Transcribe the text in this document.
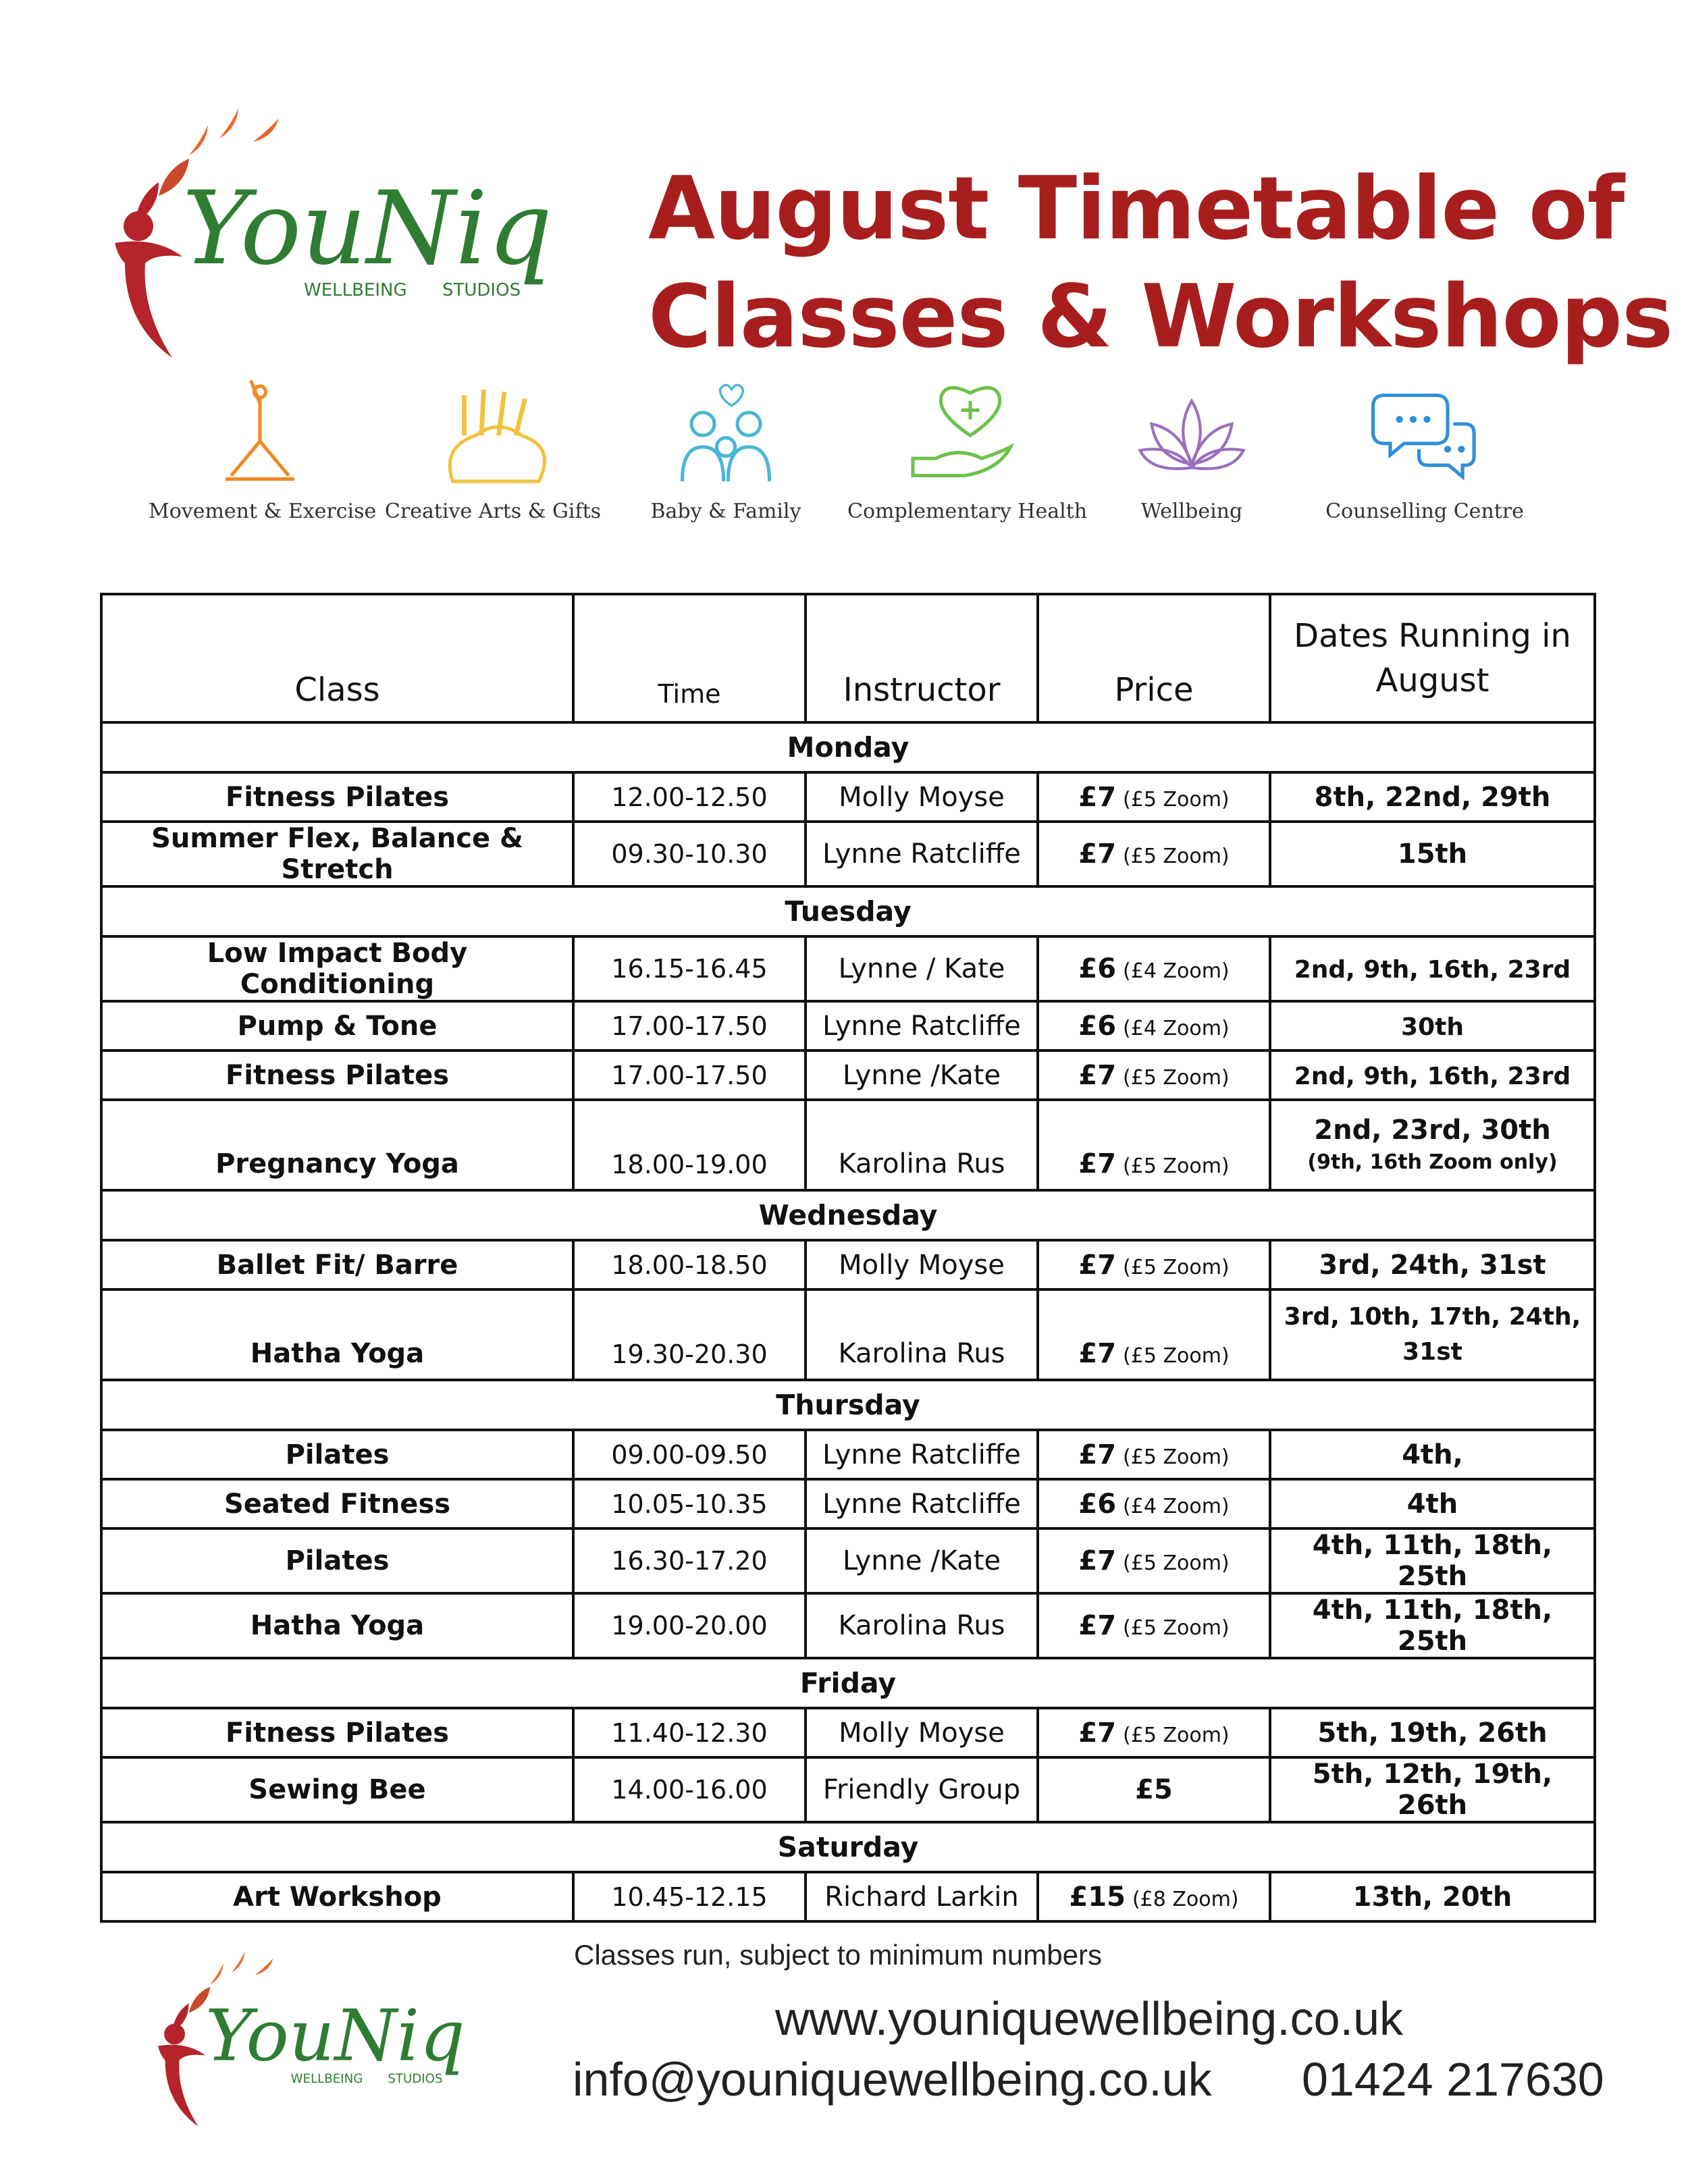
YouNiq
WELLBEING STUDIOS
August Timetable of
Classes & Workshops
Movement & Exercise Creative Arts & Gifts	Baby & Family	Complementary Health	Wellbeing	Counselling Centre
Class	Time	Instructor	Price	Dates Running in
August
Monday				
Fitness Pilates	12.00-12.50	Molly Moyse	£7 (£5 Zoom)	8th, 22nd, 29th
Summer Flex, Balance & Stretch	09.30-10.30	Lynne Ratcliffe	£7 (£5 Zoom)	15th
Tuesday				
Low Impact Body Conditioning	16.15-16.45	Lynne / Kate	£6 (£4 Zoom)	2nd, 9th, 16th, 23rd
Pump & Tone	17.00-17.50	Lynne Ratcliffe	£6 (£4 Zoom)	30th
Fitness Pilates	17.00-17.50	Lynne /Kate	£7 (£5 Zoom)	2nd, 9th, 16th, 23rd
Pregnancy Yoga	18.00-19.00	Karolina Rus	£7 (£5 Zoom)	2nd, 23rd, 30th
(9th, 16th Zoom only)

Wednesday				
Ballet Fit/ Barre	18.00-18.50	Molly Moyse	£7 (£5 Zoom)	3rd, 24th, 31st
Hatha Yoga	19.30-20.30	Karolina Rus	£7 (£5 Zoom)	3rd, 10th, 17th, 24th,
31st

Thursday				
Pilates	09.00-09.50	Lynne Ratcliffe	£7 (£5 Zoom)	4th,
Seated Fitness	10.05-10.35	Lynne Ratcliffe	£6 (£4 Zoom)	4th
Pilates	16.30-17.20	Lynne /Kate	£7 (£5 Zoom)	4th, 11th, 18th, 25th
Hatha Yoga	19.00-20.00	Karolina Rus	£7 (£5 Zoom)	4th, 11th, 18th, 25th
Friday				
Fitness Pilates	11.40-12.30	Molly Moyse	£7 (£5 Zoom)	5th, 19th, 26th
Sewing Bee	14.00-16.00	Friendly Group	£5	5th, 12th, 19th, 26th
Saturday				
Art Workshop	10.45-12.15	Richard Larkin	£15 (£8 Zoom)	13th, 20th
YouNiq
WELLBEING STUDIOS
Classes run, subject to minimum numbers
www.youniquewellbeing.co.uk
info@youniquewellbeing.co.uk 01424 217630
